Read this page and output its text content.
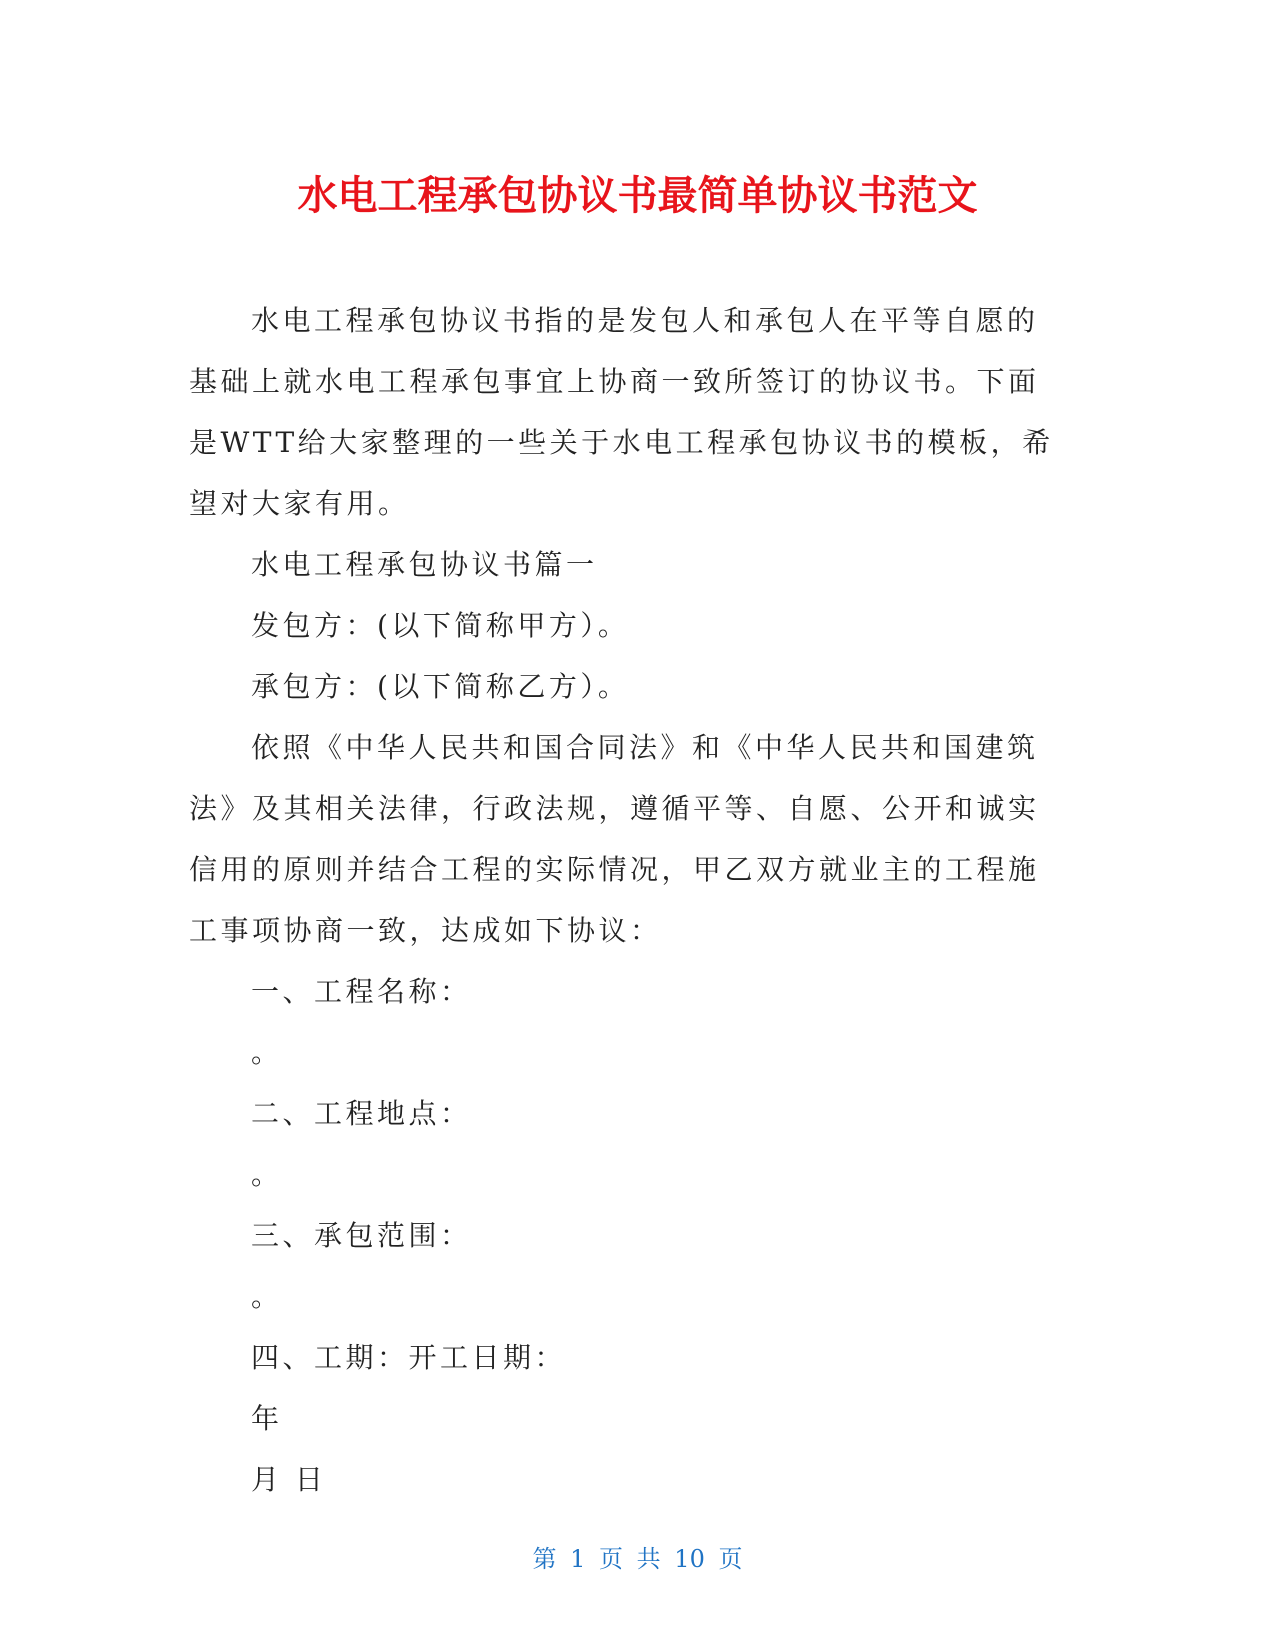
水电工程承包协议书最简单协议书范文

水电工程承包协议书指的是发包人和承包人在平等自愿的基础上就水电工程承包事宜上协商一致所签订的协议书。下面是WTT给大家整理的一些关于水电工程承包协议书的模板，希望对大家有用。

水电工程承包协议书篇一

发包方：(以下简称甲方）。

承包方：(以下简称乙方）。

依照《中华人民共和国合同法》和《中华人民共和国建筑法》及其相关法律，行政法规，遵循平等、自愿、公开和诚实信用的原则并结合工程的实际情况，甲乙双方就业主的工程施工事项协商一致，达成如下协议：

一、工程名称：

。

二、工程地点：

。

三、承包范围：

。

四、工期：开工日期：

年

月 日

第 1 页 共 10 页
